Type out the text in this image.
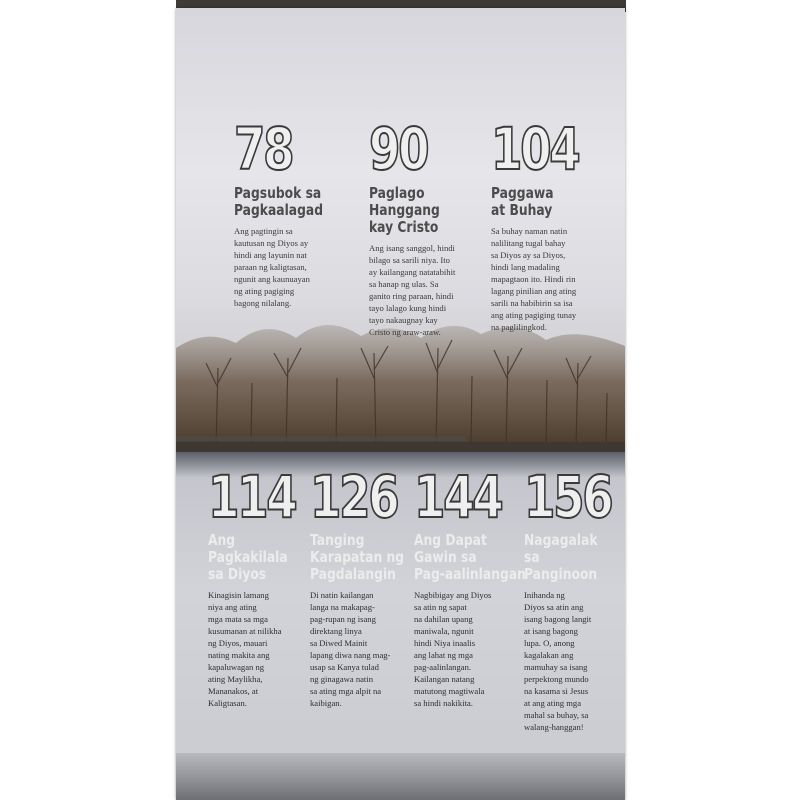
78
Pagsubok sa
Pagkaalagad
Ang pagtingin sa
kautusan ng Diyos ay
hindi ang layunin nat
paraan ng kaligtasan,
ngunit ang kaunuayan
ng ating pagiging
bagong nilalang.
90
Paglago
Hanggang
kay Cristo
Ang isang sanggol, hindi
bilago sa sarili niya. Ito
ay kailangang natatabihit
sa hanap ng ulas. Sa
ganito ring paraan, hindi
tayo lalago kung hindi
tayo nakaugnay kay
Cristo ng araw-araw.
104
Paggawa
at Buhay
Sa buhay naman natin
nalilitang tugal bahay
sa Diyos ay sa Diyos,
hindi lang madaling
mapagtaon ito. Hindi rin
lagang pinilian ang ating
sarili na habibirin sa isa
ang ating pagiging tunay
na paglilingkod.
114
Ang
Pagkakilala
sa Diyos
Kinagisin lamang
niya ang ating
mga mata sa mga
kusumanan at nilikha
ng Diyos, mauari
nating makita ang
kapaluwagan ng
ating Maylikha,
Mananakos, at
Kaligtasan.
126
Tanging
Karapatan ng
Pagdalangin
Di natin kailangan
langa na makapag-
pag-rupan ng isang
direktang linya
sa Diwed Mainit
lapang diwa nang mag-
usap sa Kanya tulad
ng ginagawa natin
sa ating mga alpit na
kaibigan.
144
Ang Dapat
Gawin sa
Pag-aalinlangan
Nagbibigay ang Diyos
sa atin ng sapat
na dahilan upang
maniwala, ngunit
hindi Niya inaalis
ang lahat ng mga
pag-aalinlangan.
Kailangan natang
matutong magtiwala
sa hindi nakikita.
156
Nagagalak sa
Panginoon
Inihanda ng
Diyos sa atin ang
isang bagong langit
at isang bagong
lupa. O, anong
kagalakan ang
mamuhay sa isang
perpektong mundo
na kasama si Jesus
at ang ating mga
mahal sa buhay, sa
walang-hanggan!
